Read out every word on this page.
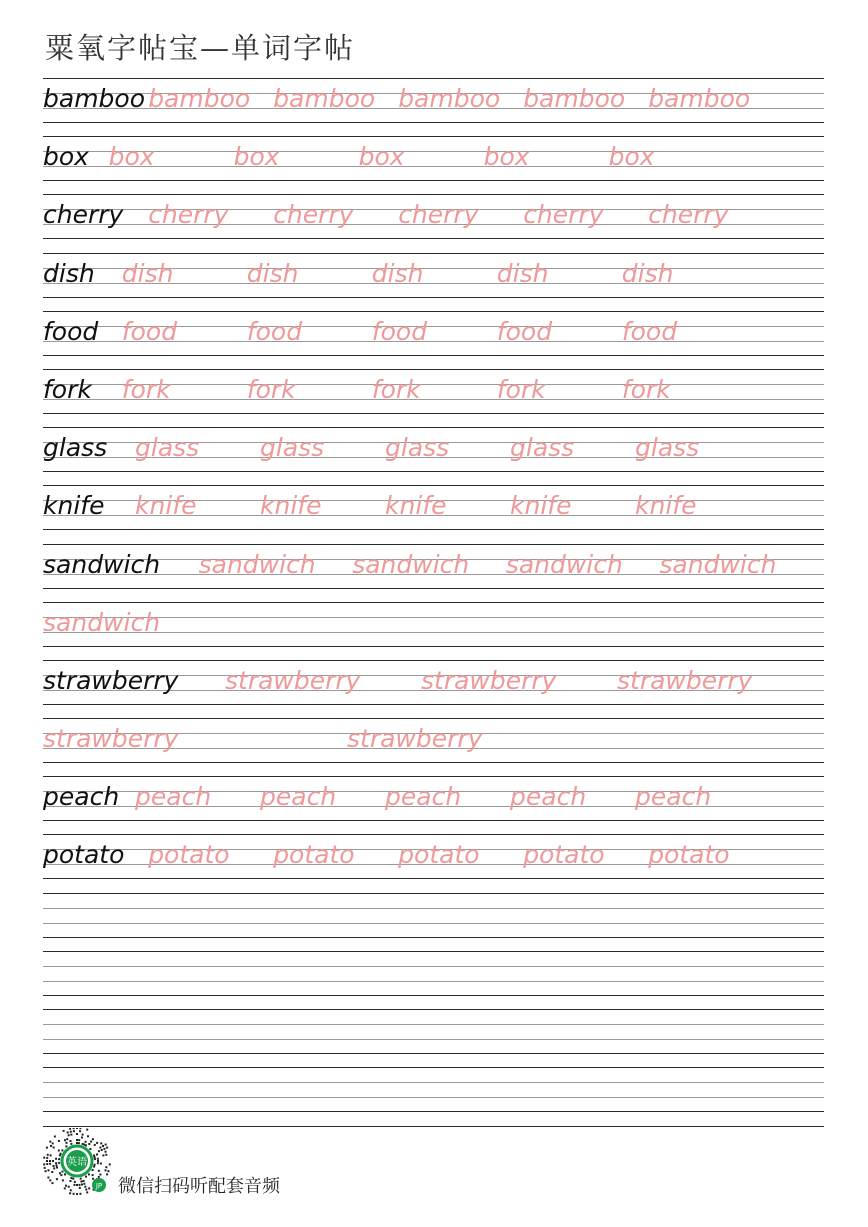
粟氧字帖宝—单词字帖
bamboo bamboo bamboo bamboo bamboo bamboo
box box	box	box	box	box
cherry cherry cherry cherry cherry cherry
dish dish	dish	dish	dish	dish
food food	food	food	food	food
fork fork	fork	fork	fork	fork
glass glass glass glass glass glass
knife knife	knife	knife	knife	knife
sandwich sandwich sandwich sandwich sandwich
sandwich
strawberry strawberry strawberry strawberry
strawberry	strawberry
peach peach peach peach peach peach
potato potato potato potato potato potato
英语
JP 微信扫码听配套音频
